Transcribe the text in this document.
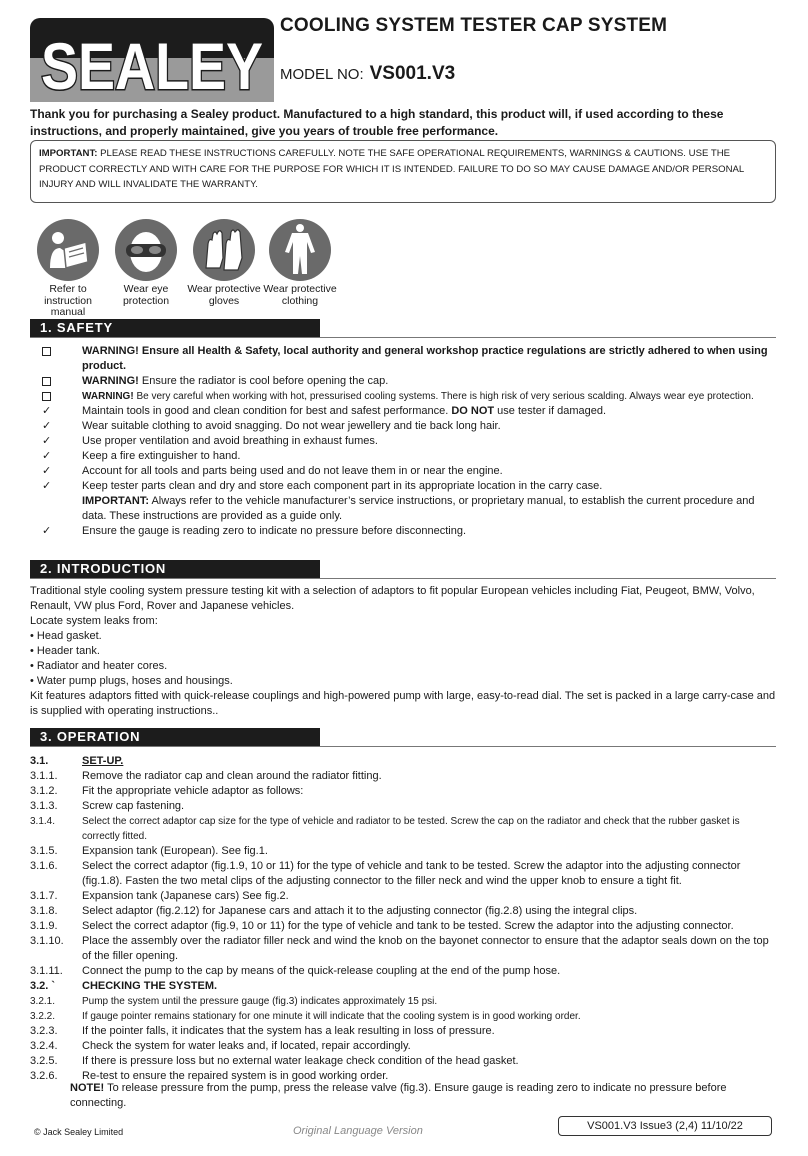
SEALEY
COOLING SYSTEM TESTER CAP SYSTEM
MODEL NO: VS001.V3
Thank you for purchasing a Sealey product. Manufactured to a high standard, this product will, if used according to these instructions, and properly maintained, give you years of trouble free performance.
IMPORTANT: PLEASE READ THESE INSTRUCTIONS CAREFULLY. NOTE THE SAFE OPERATIONAL REQUIREMENTS, WARNINGS & CAUTIONS. USE THE PRODUCT CORRECTLY AND WITH CARE FOR THE PURPOSE FOR WHICH IT IS INTENDED. FAILURE TO DO SO MAY CAUSE DAMAGE AND/OR PERSONAL INJURY AND WILL INVALIDATE THE WARRANTY.
Refer to instruction manual
Wear eye protection
Wear protective gloves
Wear protective clothing
1. SAFETY
WARNING! Ensure all Health & Safety, local authority and general workshop practice regulations are strictly adhered to when using product.
WARNING! Ensure the radiator is cool before opening the cap.
WARNING! Be very careful when working with hot, pressurised cooling systems. There is high risk of very serious scalding. Always wear eye protection.
✓	Maintain tools in good and clean condition for best and safest performance. DO NOT use tester if damaged.
✓	Wear suitable clothing to avoid snagging. Do not wear jewellery and tie back long hair.
✓	Use proper ventilation and avoid breathing in exhaust fumes.
✓	Keep a fire extinguisher to hand.
✓	Account for all tools and parts being used and do not leave them in or near the engine.
✓	Keep tester parts clean and dry and store each component part in its appropriate location in the carry case.
IMPORTANT: Always refer to the vehicle manufacturer’s service instructions, or proprietary manual, to establish the current procedure and data. These instructions are provided as a guide only.
✓	Ensure the gauge is reading zero to indicate no pressure before disconnecting.
2. INTRODUCTION
Traditional style cooling system pressure testing kit with a selection of adaptors to fit popular European vehicles including Fiat, Peugeot, BMW, Volvo, Renault, VW plus Ford, Rover and Japanese vehicles.
Locate system leaks from:
• Head gasket.
• Header tank.
• Radiator and heater cores.
• Water pump plugs, hoses and housings.
Kit features adaptors fitted with quick-release couplings and high-powered pump with large, easy-to-read dial. The set is packed in a large carry-case and is supplied with operating instructions..
3. OPERATION
3.1.	SET-UP.
3.1.1. Remove the radiator cap and clean around the radiator fitting.
3.1.2. Fit the appropriate vehicle adaptor as follows:
3.1.3. Screw cap fastening.
3.1.4.	Select the correct adaptor cap size for the type of vehicle and radiator to be tested. Screw the cap on the radiator and check that the rubber gasket is correctly fitted.
3.1.5. Expansion tank (European). See fig.1.
3.1.6. Select the correct adaptor (fig.1.9, 10 or 11) for the type of vehicle and tank to be tested. Screw the adaptor into the adjusting connector (fig.1.8). Fasten the two metal clips of the adjusting connector to the filler neck and wind the upper knob to ensure a tight fit.
3.1.7. Expansion tank (Japanese cars) See fig.2.
3.1.8. Select adaptor (fig.2.12) for Japanese cars and attach it to the adjusting connector (fig.2.8) using the integral clips.
3.1.9. Select the correct adaptor (fig.9, 10 or 11) for the type of vehicle and tank to be tested. Screw the adaptor into the adjusting connector.
3.1.10. Place the assembly over the radiator filler neck and wind the knob on the bayonet connector to ensure that the adaptor seals down on the top of the filler opening.
3.1.11. Connect the pump to the cap by means of the quick-release coupling at the end of the pump hose.
3.2. ` CHECKING THE SYSTEM.
3.2.1.	Pump the system until the pressure gauge (fig.3) indicates approximately 15 psi.
3.2.2.	If gauge pointer remains stationary for one minute it will indicate that the cooling system is in good working order.
3.2.3. If the pointer falls, it indicates that the system has a leak resulting in loss of pressure.
3.2.4. Check the system for water leaks and, if located, repair accordingly.
3.2.5. If there is pressure loss but no external water leakage check condition of the head gasket.
3.2.6. Re-test to ensure the repaired system is in good working order.
NOTE! To release pressure from the pump, press the release valve (fig.3). Ensure gauge is reading zero to indicate no pressure before connecting.
© Jack Sealey Limited	Original Language Version	VS001.V3 Issue3 (2,4) 11/10/22
